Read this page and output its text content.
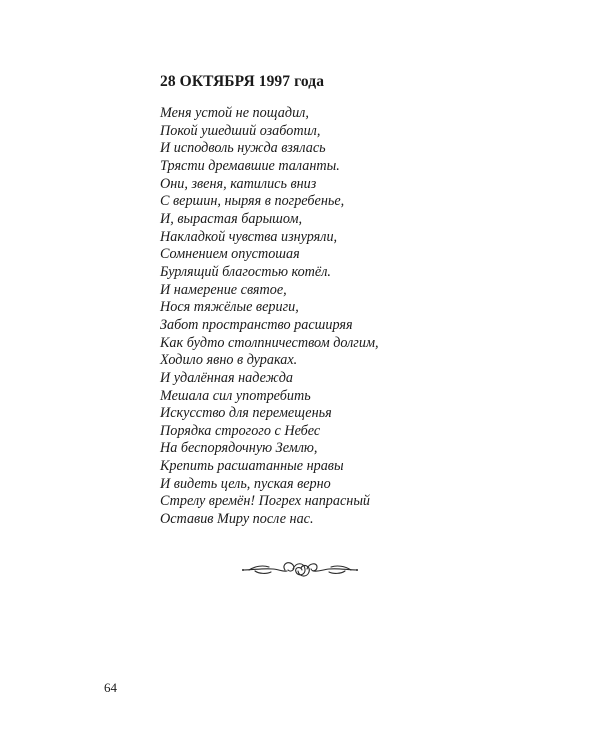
28 ОКТЯБРЯ 1997 года
Меня устой не пощадил,
Покой ушедший озаботил,
И исподволь нужда взялась
Трясти дремавшие таланты.
Они, звеня, катились вниз
С вершин, ныряя в погребенье,
И, вырастая барышом,
Накладкой чувства изнуряли,
Сомнением опустошая
Бурлящий благостью котёл.
И намерение святое,
Нося тяжёлые вериги,
Забот пространство расширяя
Как будто столпничеством долгим,
Ходило явно в дураках.
И удалённая надежда
Мешала сил употребить
Искусство для перемещенья
Порядка строгого с Небес
На беспорядочную Землю,
Крепить расшатанные нравы
И видеть цель, пуская верно
Стрелу времён! Погрех напрасный
Оставив Миру после нас.

64
